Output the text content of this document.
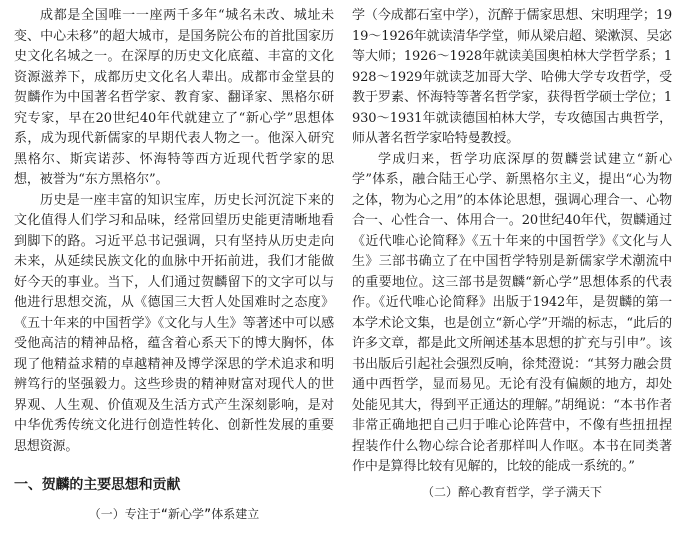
成都是全国唯一一座两千多年“城名未改、城址未变、中心未移”的超大城市，是国务院公布的首批国家历史文化名城之一。在深厚的历史文化底蕴、丰富的文化资源滋养下，成都历史文化名人辈出。成都市金堂县的贺麟作为中国著名哲学家、教育家、翻译家、黑格尔研究专家，早在20世纪40年代就建立了“新心学”思想体系，成为现代新儒家的早期代表人物之一。他深入研究黑格尔、斯宾诺莎、怀海特等西方近现代哲学家的思想，被誉为“东方黑格尔”。

历史是一座丰富的知识宝库，历史长河沉淀下来的文化值得人们学习和品味，经常回望历史能更清晰地看到脚下的路。习近平总书记强调，只有坚持从历史走向未来，从延续民族文化的血脉中开拓前进，我们才能做好今天的事业。当下，人们通过贺麟留下的文字可以与他进行思想交流，从《德国三大哲人处国难时之态度》《五十年来的中国哲学》《文化与人生》等著述中可以感受他高洁的精神品格，蕴含着心系天下的博大胸怀，体现了他精益求精的卓越精神及博学深思的学术追求和明辨笃行的坚强毅力。这些珍贵的精神财富对现代人的世界观、人生观、价值观及生活方式产生深刻影响，是对中华优秀传统文化进行创造性转化、创新性发展的重要思想资源。

一、贺麟的主要思想和贡献

（一）专注于“新心学”体系建立

学（今成都石室中学），沉醉于儒家思想、宋明理学；1919～1926年就读清华学堂，师从梁启超、梁漱溟、吴宓等大师；1926～1928年就读美国奥柏林大学哲学系；1928～1929年就读芝加哥大学、哈佛大学专攻哲学，受教于罗素、怀海特等著名哲学家，获得哲学硕士学位；1930～1931年就读德国柏林大学，专攻德国古典哲学，师从著名哲学家哈特曼教授。

学成归来，哲学功底深厚的贺麟尝试建立“新心学”体系，融合陆王心学、新黑格尔主义，提出“心为物之体，物为心之用”的本体论思想，强调心理合一、心物合一、心性合一、体用合一。20世纪40年代，贺麟通过《近代唯心论简释》《五十年来的中国哲学》《文化与人生》三部书确立了在中国哲学特别是新儒家学术潮流中的重要地位。这三部书是贺麟“新心学”思想体系的代表作。《近代唯心论简释》出版于1942年，是贺麟的第一本学术论文集，也是创立“新心学”开端的标志，“此后的许多文章，都是此文所阐述基本思想的扩充与引申”。该书出版后引起社会强烈反响，徐梵澄说：“其努力融会贯通中西哲学，显而易见。无论有没有偏颇的地方，却处处能见其大，得到平正通达的理解。”胡绳说：“本书作者非常正确地把自己归于唯心论阵营中，不像有些扭扭捏捏装作什么物心综合论者那样叫人作呕。本书在同类著作中是算得比较有见解的，比较的能成一系统的。”

（二）醉心教育哲学，学子满天下
